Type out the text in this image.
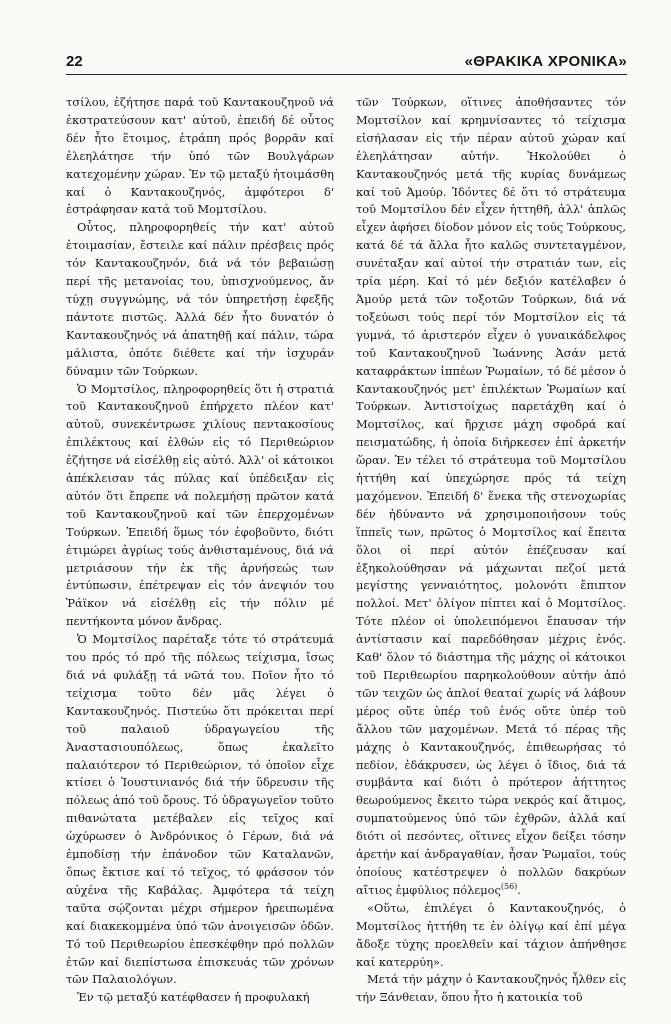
22	«ΘΡΑΚΙΚΑ ΧΡΟΝΙΚΑ»

τσίλου, ἐζήτησε παρά τοῦ Καντακουζηνοῦ νά ἐκστρατεύσουν κατ' αὐτοῦ, ἐπειδή δέ οὗτος δέν ἦτο ἕτοιμος, ἐτράπη πρός βορρᾶν καί ἐλεηλάτησε τήν ὑπό τῶν Βουλγάρων κατεχομένην χώραν. Ἐν τῷ μεταξύ ἠτοιμάσθη καί ὁ Καντακουζηνός, ἀμφότεροι δ' ἐστράφησαν κατά τοῦ Μομτσίλου.

Οὗτος, πληροφορηθείς τήν κατ' αὐτοῦ ἑτοιμασίαν, ἔστειλε καί πάλιν πρέσβεις πρός τόν Καντακουζηνόν, διά νά τόν βεβαιώσῃ περί τῆς μετανοίας του, ὑπισχνούμενος, ἄν τύχῃ συγγνώμης, νά τόν ὑπηρετήσῃ ἐφεξῆς πάντοτε πιστῶς. Ἀλλά δέν ἦτο δυνατόν ὁ Καντακουζηνός νά ἀπατηθῇ καί πάλιν, τώρα μάλιστα, ὁπότε διέθετε καί τήν ἰσχυράν δύναμιν τῶν Τούρκων.

Ὁ Μομτσίλος, πληροφορηθείς ὅτι ἡ στρατιά τοῦ Καντακουζηνοῦ ἐπήρχετο πλέον κατ' αὐτοῦ, συνεκέντρωσε χιλίους πεντακοσίους ἐπιλέκτους καί ἐλθών εἰς τό Περιθεώριον ἐζήτησε νά εἰσέλθῃ εἰς αὐτό. Ἀλλ' οἱ κάτοικοι ἀπέκλεισαν τάς πύλας καί ὑπέδειξαν εἰς αὐτόν ὅτι ἔπρεπε νά πολεμήσῃ πρῶτον κατά τοῦ Καντακουζηνοῦ καί τῶν ἐπερχομένων Τούρκων. Ἐπειδή ὅμως τόν ἐφοβοῦντο, διότι ἐτιμώρει ἀγρίως τούς ἀνθισταμένους, διά νά μετριάσουν τήν ἐκ τῆς ἀρνήσεώς των ἐντύπωσιν, ἐπέτρεψαν εἰς τόν ἀνεψιόν του Ῥάϊκον νά εἰσέλθῃ εἰς τήν πόλιν μέ πεντήκοντα μόνον ἄνδρας.

Ὁ Μομτσίλος παρέταξε τότε τό στράτευμά του πρός τό πρό τῆς πόλεως τείχισμα, ἴσως διά νά φυλάξῃ τά νῶτά του. Ποῖον ἦτο τό τείχισμα τοῦτο δέν μᾶς λέγει ὁ Καντακουζηνός. Πιστεύω ὅτι πρόκειται περί τοῦ παλαιοῦ ὑδραγωγείου τῆς Ἀναστασιουπόλεως, ὅπως ἐκαλεῖτο παλαιότερον τό Περιθεώριον, τό ὁποῖον εἶχε κτίσει ὁ Ἰουστινιανός διά τήν ὕδρευσιν τῆς πόλεως ἀπό τοῦ ὄρους. Τό ὑδραγωγεῖον τοῦτο πιθανώτατα μετέβαλεν εἰς τεῖχος καί ὠχύρωσεν ὁ Ἀνδρόνικος ὁ Γέρων, διά νά ἐμποδίσῃ τήν ἐπάνοδον τῶν Καταλανῶν, ὅπως ἔκτισε καί τό τεῖχος, τό φράσσον τόν αὐχένα τῆς Καβάλας. Ἀμφότερα τά τείχη ταῦτα σῴζονται μέχρι σήμερον ἠρειπωμένα καί διακεκομμένα ὑπό τῶν ἀνοιγεισῶν ὁδῶν. Τό τοῦ Περιθεωρίου ἐπεσκέφθην πρό πολλῶν ἐτῶν καί διεπίστωσα ἐπισκευάς τῶν χρόνων τῶν Παλαιολόγων.

Ἐν τῷ μεταξύ κατέφθασεν ἡ προφυλακή

τῶν Τούρκων, οἵτινες ἀποθήσαντες τόν Μομτσίλον καί κρημνίσαντες τό τείχισμα εἰσήλασαν εἰς τήν πέραν αὐτοῦ χώραν καί ἐλεηλάτησαν αὐτήν. Ἠκολούθει ὁ Καντακουζηνός μετά τῆς κυρίας δυνάμεως καί τοῦ Ἀμούρ. Ἰδόντες δέ ὅτι τό στράτευμα τοῦ Μομτσίλου δέν εἶχεν ἡττηθῆ, ἀλλ' ἁπλῶς εἶχεν ἀφήσει δίοδον μόνον εἰς τούς Τούρκους, κατά δέ τά ἄλλα ἦτο καλῶς συντεταγμένον, συνέταξαν καί αὐτοί τήν στρατιάν των, εἰς τρία μέρη. Καί τό μέν δεξιόν κατέλαβεν ὁ Ἀμούρ μετά τῶν τοξοτῶν Τούρκων, διά νά τοξεύωσι τούς περί τόν Μομτσίλον εἰς τά γυμνά, τό ἀριστερόν εἶχεν ὁ γυναικάδελφος τοῦ Καντακουζηνοῦ Ἰωάννης Ἀσάν μετά καταφράκτων ἱππέων Ῥωμαίων, τό δέ μέσον ὁ Καντακουζηνός μετ' ἐπιλέκτων Ῥωμαίων καί Τούρκων. Ἀντιστοίχως παρετάχθη καί ὁ Μομτσίλος, καί ἤρχισε μάχη σφοδρά καί πεισματώδης, ἡ ὁποία διήρκεσεν ἐπί ἀρκετήν ὥραν. Ἐν τέλει τό στράτευμα τοῦ Μομτσίλου ἡττήθη καί ὑπεχώρησε πρός τά τείχη μαχόμενον. Ἐπειδή δ' ἕνεκα τῆς στενοχωρίας δέν ἠδύναντο νά χρησιμοποιήσουν τούς ἵππεῖς των, πρῶτος ὁ Μομτσίλος καί ἔπειτα ὅλοι οἱ περί αὐτόν ἐπέζευσαν καί ἐξηκολούθησαν νά μάχωνται πεζοί μετά μεγίστης γενναιότητος, μολονότι ἔπιπτον πολλοί. Μετ' ὀλίγον πίπτει καί ὁ Μομτσίλος. Τότε πλέον οἱ ὑπολειπόμενοι ἔπαυσαν τήν ἀντίστασιν καί παρεδόθησαν μέχρις ἑνός. Καθ' ὅλον τό διάστημα τῆς μάχης οἱ κάτοικοι τοῦ Περιθεωρίου παρηκολούθουν αὐτήν ἀπό τῶν τειχῶν ὡς ἁπλοί θεαταί χωρίς νά λάβουν μέρος οὔτε ὑπέρ τοῦ ἑνός οὔτε ὑπέρ τοῦ ἄλλου τῶν μαχομένων. Μετά τό πέρας τῆς μάχης ὁ Καντακουζηνός, ἐπιθεωρήσας τό πεδίον, ἐδάκρυσεν, ὡς λέγει ὁ ἴδιος, διά τά συμβάντα καί διότι ὁ πρότερον ἀήττητος θεωρούμενος ἔκειτο τώρα νεκρός καί ἄτιμος, συμπατούμενος ὑπό τῶν ἐχθρῶν, ἀλλά καί διότι οἱ πεσόντες, οἵτινες εἶχον δείξει τόσην ἀρετήν καί ἀνδραγαθίαν, ἦσαν Ῥωμαῖοι, τούς ὁποίους κατέστρεψεν ὁ πολλῶν δακρύων αἴτιος ἐμφύλιος πόλεμος$^{(56)}$.

«Οὕτω, ἐπιλέγει ὁ Καντακουζηνός, ὁ Μομτσίλος ἡττήθη τε ἐν ὀλίγῳ καί ἐπί μέγα ἄδοξε τύχης προελθεῖν καί τάχιον ἀπήνθησε καί κατερρύη».

Μετά τήν μάχην ὁ Καντακουζηνός ἦλθεν εἰς τήν Ξάνθειαν, ὅπου ἦτο ἡ κατοικία τοῦ
